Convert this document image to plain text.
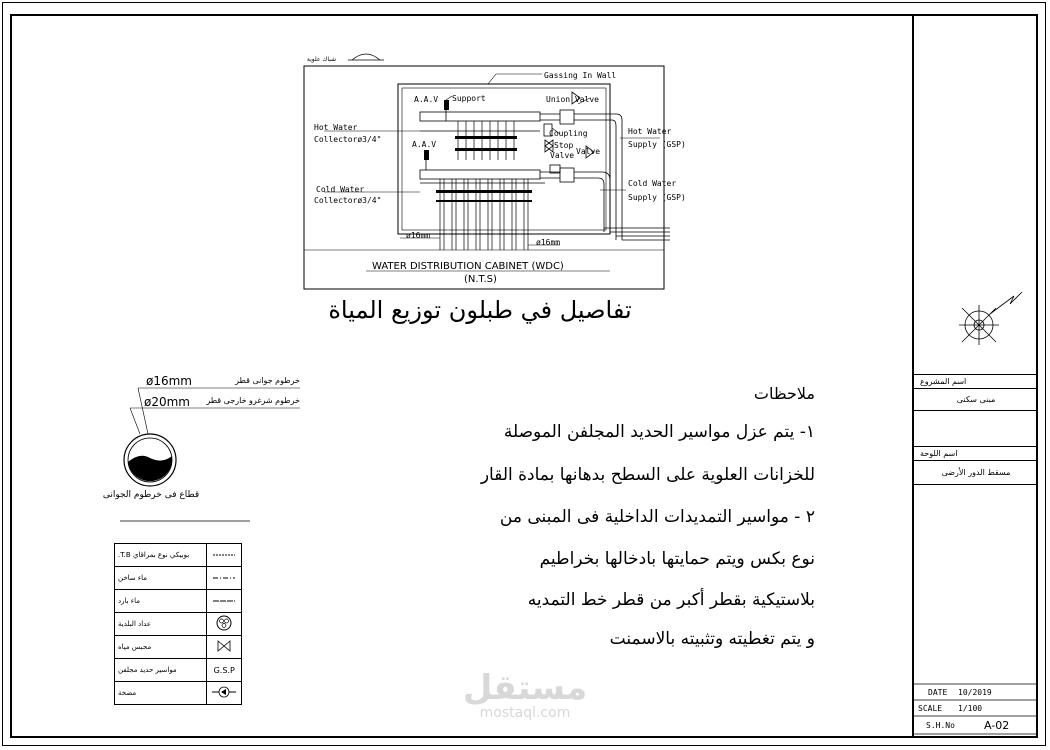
شباك علوية
Gassing In Wall
A.A.V Support	Union Valve
Hot Water
Collectorø3/4"
Coupling
Stop
Valve Valve
Hot Water
Supply (GSP)
A.A.V
Cold Water
Collectorø3/4"
Cold Water
Supply (GSP)
ø16mm
ø16mm
WATER DISTRIBUTION CABINET (WDC)
(N.T.S)
DATE 10/2019
SCALE 1/100
S.H.No	A-02
تفاصيل في طبلون توزيع المياة
ø16mm	خرطوم جوانى قطر
ø20mm	خرطوم شرغرو خارجى قطر
قطاع فى خرطوم الجوانى
ملاحظات
١- يتم عزل مواسير الحديد المجلفن الموصلة
للخزانات العلوية على السطح بدهانها بمادة القار
٢ - مواسير التمديدات الداخلية فى المبنى من
نوع بكس ويتم حمايتها بادخالها بخراطيم
بلاستيكية بقطر أكبر من قطر خط التمديه
و يتم تغطيته وتثبيته بالاسمنت
بوبيكي نوع بمراقاي T.B.	
ماء ساخن	
ماء بارد	
عداد البلدية	
محبس مياه	
مواسير حديد مجلفن	G.S.P
مضخة	
اسم المشروع
مبنى سكنى
اسم اللوحة
مسقط الدور الأرضى
مستقل
mostaql.com
